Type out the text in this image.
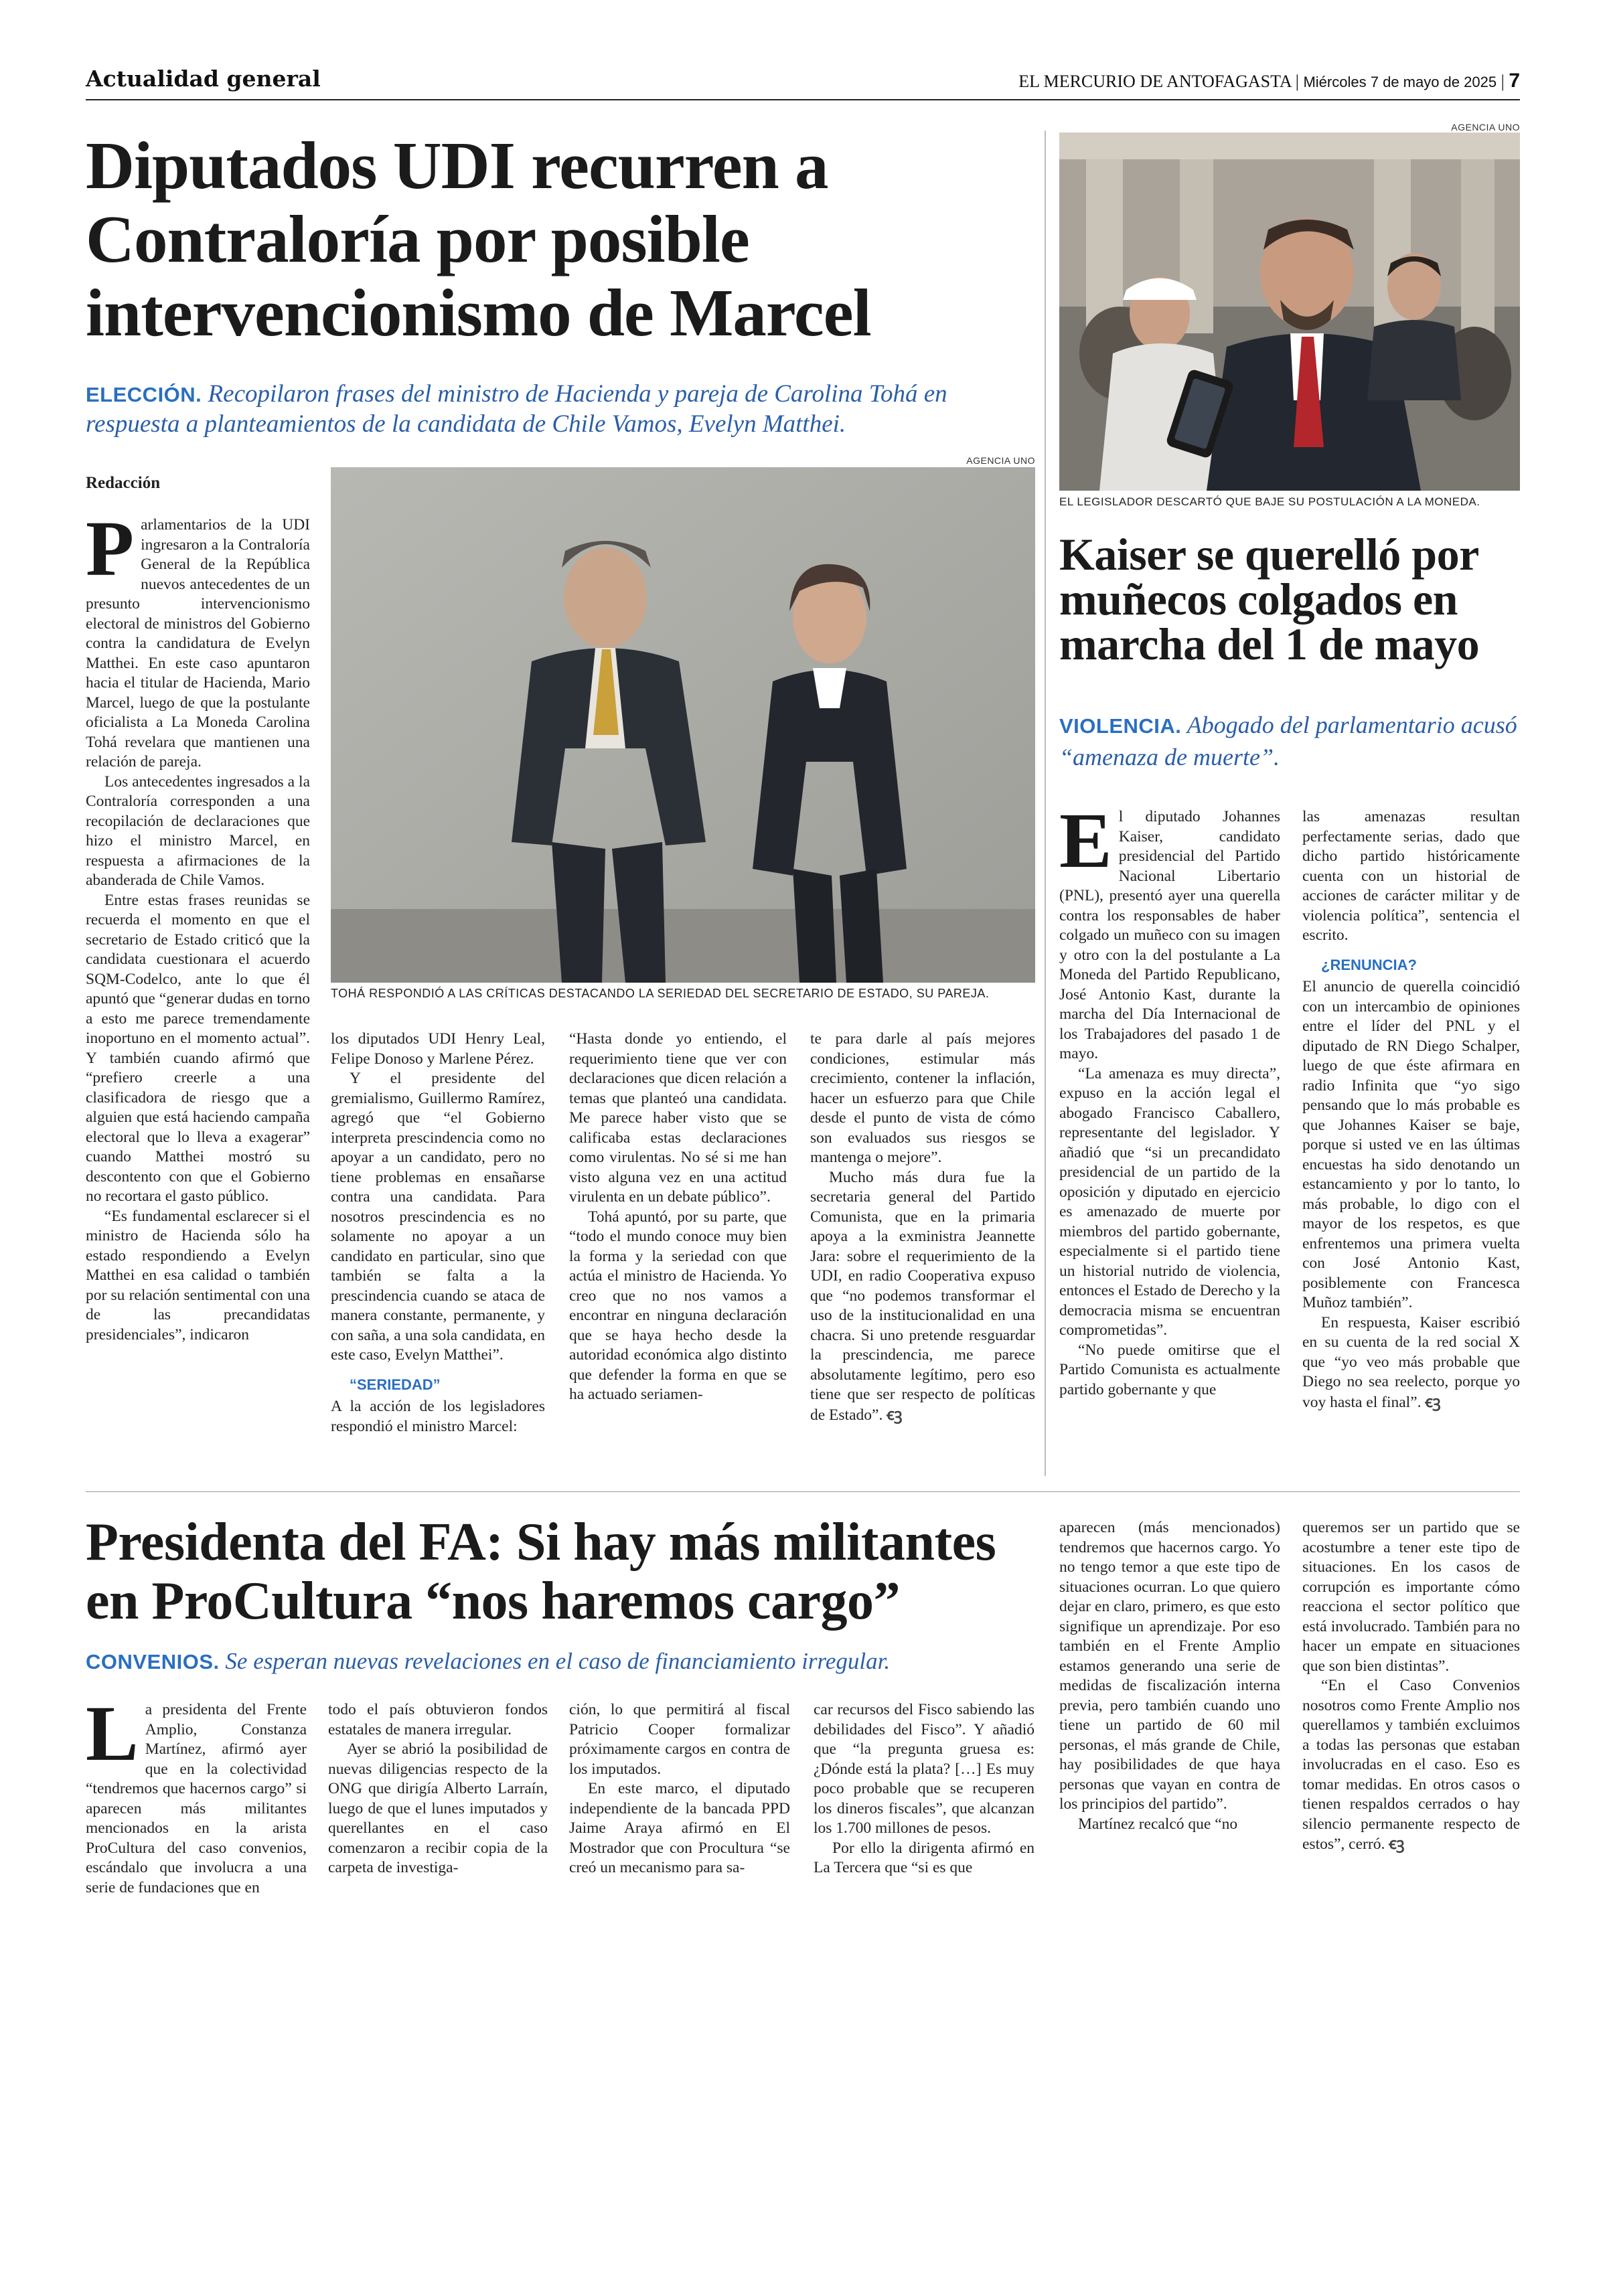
Actualidad general	EL MERCURIO DE ANTOFAGASTA | Miércoles 7 de mayo de 2025 | 7
Diputados UDI recurren a Contraloría por posible intervencionismo de Marcel
ELECCIÓN. Recopilaron frases del ministro de Hacienda y pareja de Carolina Tohá en respuesta a planteamientos de la candidata de Chile Vamos, Evelyn Matthei.
AGENCIA UNO
TOHÁ RESPONDIÓ A LAS CRÍTICAS DESTACANDO LA SERIEDAD DEL SECRETARIO DE ESTADO, SU PAREJA.
Redacción

Parlamentarios de la UDI ingresaron a la Contraloría General de la República nuevos antecedentes de un presunto intervencionismo electoral de ministros del Gobierno contra la candidatura de Evelyn Matthei. En este caso apuntaron hacia el titular de Hacienda, Mario Marcel, luego de que la postulante oficialista a La Moneda Carolina Tohá revelara que mantienen una relación de pareja.

Los antecedentes ingresados a la Contraloría corresponden a una recopilación de declaraciones que hizo el ministro Marcel, en respuesta a afirmaciones de la abanderada de Chile Vamos.

Entre estas frases reunidas se recuerda el momento en que el secretario de Estado criticó que la candidata cuestionara el acuerdo SQM-Codelco, ante lo que él apuntó que “generar dudas en torno a esto me parece tremendamente inoportuno en el momento actual”. Y también cuando afirmó que “prefiero creerle a una clasificadora de riesgo que a alguien que está haciendo campaña electoral que lo lleva a exagerar” cuando Matthei mostró su descontento con que el Gobierno no recortara el gasto público.

“Es fundamental esclarecer si el ministro de Hacienda sólo ha estado respondiendo a Evelyn Matthei en esa calidad o también por su relación sentimental con una de las precandidatas presidenciales”, indicaron

los diputados UDI Henry Leal, Felipe Donoso y Marlene Pérez.

Y el presidente del gremialismo, Guillermo Ramírez, agregó que “el Gobierno interpreta prescindencia como no apoyar a un candidato, pero no tiene problemas en ensañarse contra una candidata. Para nosotros prescindencia es no solamente no apoyar a un candidato en particular, sino que también se falta a la prescindencia cuando se ataca de manera constante, permanente, y con saña, a una sola candidata, en este caso, Evelyn Matthei”.

“SERIEDAD”

A la acción de los legisladores respondió el ministro Marcel:

“Hasta donde yo entiendo, el requerimiento tiene que ver con declaraciones que dicen relación a temas que planteó una candidata. Me parece haber visto que se calificaba estas declaraciones como virulentas. No sé si me han visto alguna vez en una actitud virulenta en un debate público”.

Tohá apuntó, por su parte, que “todo el mundo conoce muy bien la forma y la seriedad con que actúa el ministro de Hacienda. Yo creo que no nos vamos a encontrar en ninguna declaración que se haya hecho desde la autoridad económica algo distinto que defender la forma en que se ha actuado seriamen-

te para darle al país mejores condiciones, estimular más crecimiento, contener la inflación, hacer un esfuerzo para que Chile desde el punto de vista de cómo son evaluados sus riesgos se mantenga o mejore”.

Mucho más dura fue la secretaria general del Partido Comunista, que en la primaria apoya a la exministra Jeannette Jara: sobre el requerimiento de la UDI, en radio Cooperativa expuso que “no podemos transformar el uso de la institucionalidad en una chacra. Si uno pretende resguardar la prescindencia, me parece absolutamente legítimo, pero eso tiene que ser respecto de políticas de Estado”. ꞓꝫ

AGENCIA UNO
EL LEGISLADOR DESCARTÓ QUE BAJE SU POSTULACIÓN A LA MONEDA.
Kaiser se querelló por muñecos colgados en marcha del 1 de mayo
VIOLENCIA. Abogado del parlamentario acusó “amenaza de muerte”.

El diputado Johannes Kaiser, candidato presidencial del Partido Nacional Libertario (PNL), presentó ayer una querella contra los responsables de haber colgado un muñeco con su imagen y otro con la del postulante a La Moneda del Partido Republicano, José Antonio Kast, durante la marcha del Día Internacional de los Trabajadores del pasado 1 de mayo.

“La amenaza es muy directa”, expuso en la acción legal el abogado Francisco Caballero, representante del legislador. Y añadió que “si un precandidato presidencial de un partido de la oposición y diputado en ejercicio es amenazado de muerte por miembros del partido gobernante, especialmente si el partido tiene un historial nutrido de violencia, entonces el Estado de Derecho y la democracia misma se encuentran comprometidas”.

“No puede omitirse que el Partido Comunista es actualmente partido gobernante y que

las amenazas resultan perfectamente serias, dado que dicho partido históricamente cuenta con un historial de acciones de carácter militar y de violencia política”, sentencia el escrito.

¿RENUNCIA?

El anuncio de querella coincidió con un intercambio de opiniones entre el líder del PNL y el diputado de RN Diego Schalper, luego de que éste afirmara en radio Infinita que “yo sigo pensando que lo más probable es que Johannes Kaiser se baje, porque si usted ve en las últimas encuestas ha sido denotando un estancamiento y por lo tanto, lo más probable, lo digo con el mayor de los respetos, es que enfrentemos una primera vuelta con José Antonio Kast, posiblemente con Francesca Muñoz también”.

En respuesta, Kaiser escribió en su cuenta de la red social X que “yo veo más probable que Diego no sea reelecto, porque yo voy hasta el final”. ꞓꝫ

Presidenta del FA: Si hay más militantes en ProCultura “nos haremos cargo”
CONVENIOS. Se esperan nuevas revelaciones en el caso de financiamiento irregular.

La presidenta del Frente Amplio, Constanza Martínez, afirmó ayer que en la colectividad “tendremos que hacernos cargo” si aparecen más militantes mencionados en la arista ProCultura del caso convenios, escándalo que involucra a una serie de fundaciones que en

todo el país obtuvieron fondos estatales de manera irregular.

Ayer se abrió la posibilidad de nuevas diligencias respecto de la ONG que dirigía Alberto Larraín, luego de que el lunes imputados y querellantes en el caso comenzaron a recibir copia de la carpeta de investiga-

ción, lo que permitirá al fiscal Patricio Cooper formalizar próximamente cargos en contra de los imputados.

En este marco, el diputado independiente de la bancada PPD Jaime Araya afirmó en El Mostrador que con Procultura “se creó un mecanismo para sa-

car recursos del Fisco sabiendo las debilidades del Fisco”. Y añadió que “la pregunta gruesa es: ¿Dónde está la plata? […] Es muy poco probable que se recuperen los dineros fiscales”, que alcanzan los 1.700 millones de pesos.

Por ello la dirigenta afirmó en La Tercera que “si es que

aparecen (más mencionados) tendremos que hacernos cargo. Yo no tengo temor a que este tipo de situaciones ocurran. Lo que quiero dejar en claro, primero, es que esto signifique un aprendizaje. Por eso también en el Frente Amplio estamos generando una serie de medidas de fiscalización interna previa, pero también cuando uno tiene un partido de 60 mil personas, el más grande de Chile, hay posibilidades de que haya personas que vayan en contra de los principios del partido”.

Martínez recalcó que “no

queremos ser un partido que se acostumbre a tener este tipo de situaciones. En los casos de corrupción es importante cómo reacciona el sector político que está involucrado. También para no hacer un empate en situaciones que son bien distintas”.

“En el Caso Convenios nosotros como Frente Amplio nos querellamos y también excluimos a todas las personas que estaban involucradas en el caso. Eso es tomar medidas. En otros casos o tienen respaldos cerrados o hay silencio permanente respecto de estos”, cerró. ꞓꝫ
